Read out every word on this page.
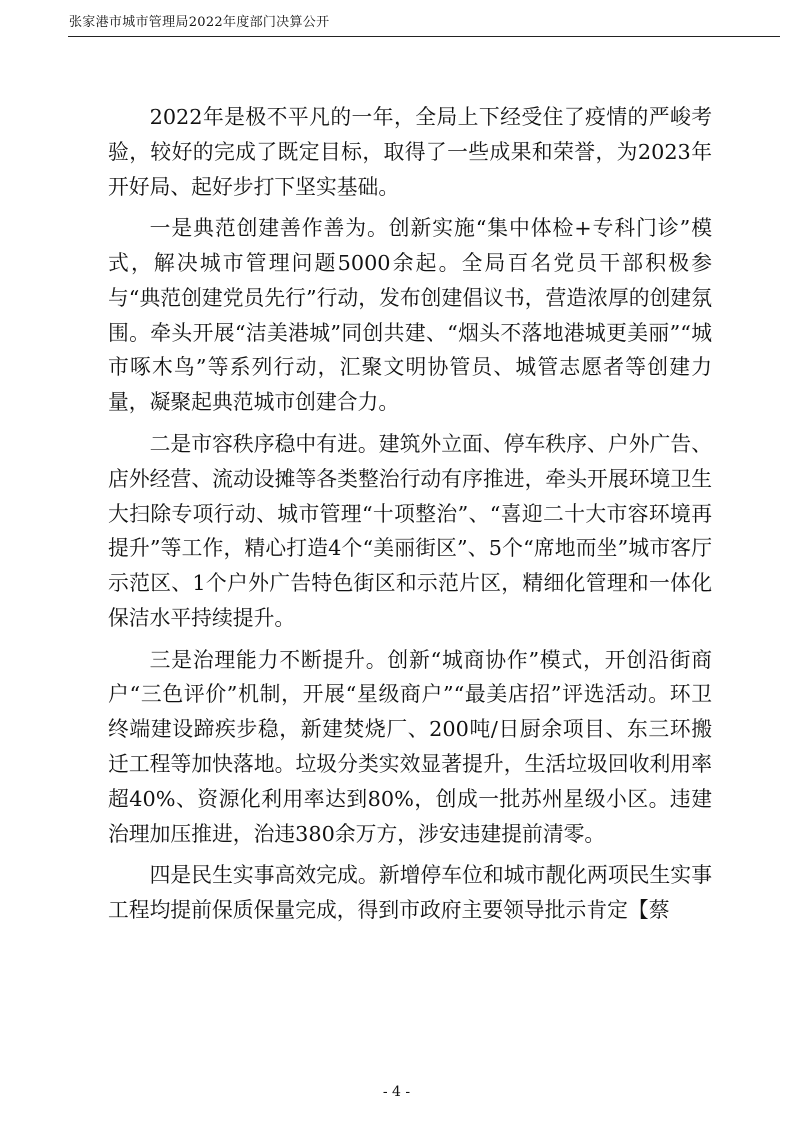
张家港市城市管理局2022年度部门决算公开

2022年是极不平凡的一年，全局上下经受住了疫情的严峻考验，较好的完成了既定目标，取得了一些成果和荣誉，为2023年开好局、起好步打下坚实基础。

一是典范创建善作善为。创新实施“集中体检+专科门诊”模式，解决城市管理问题5000余起。全局百名党员干部积极参与“典范创建党员先行”行动，发布创建倡议书，营造浓厚的创建氛围。牵头开展“洁美港城”同创共建、“烟头不落地港城更美丽”“城市啄木鸟”等系列行动，汇聚文明协管员、城管志愿者等创建力量，凝聚起典范城市创建合力。

二是市容秩序稳中有进。建筑外立面、停车秩序、户外广告、店外经营、流动设摊等各类整治行动有序推进，牵头开展环境卫生大扫除专项行动、城市管理“十项整治”、“喜迎二十大市容环境再提升”等工作，精心打造4个“美丽街区”、5个“席地而坐”城市客厅示范区、1个户外广告特色街区和示范片区，精细化管理和一体化保洁水平持续提升。

三是治理能力不断提升。创新“城商协作”模式，开创沿街商户“三色评价”机制，开展“星级商户”“最美店招”评选活动。环卫终端建设蹄疾步稳，新建焚烧厂、200吨/日厨余项目、东三环搬迁工程等加快落地。垃圾分类实效显著提升，生活垃圾回收利用率超40%、资源化利用率达到80%，创成一批苏州星级小区。违建治理加压推进，治违380余万方，涉安违建提前清零。

四是民生实事高效完成。新增停车位和城市靓化两项民生实事工程均提前保质保量完成，得到市政府主要领导批示肯定【蔡

- 4 -
